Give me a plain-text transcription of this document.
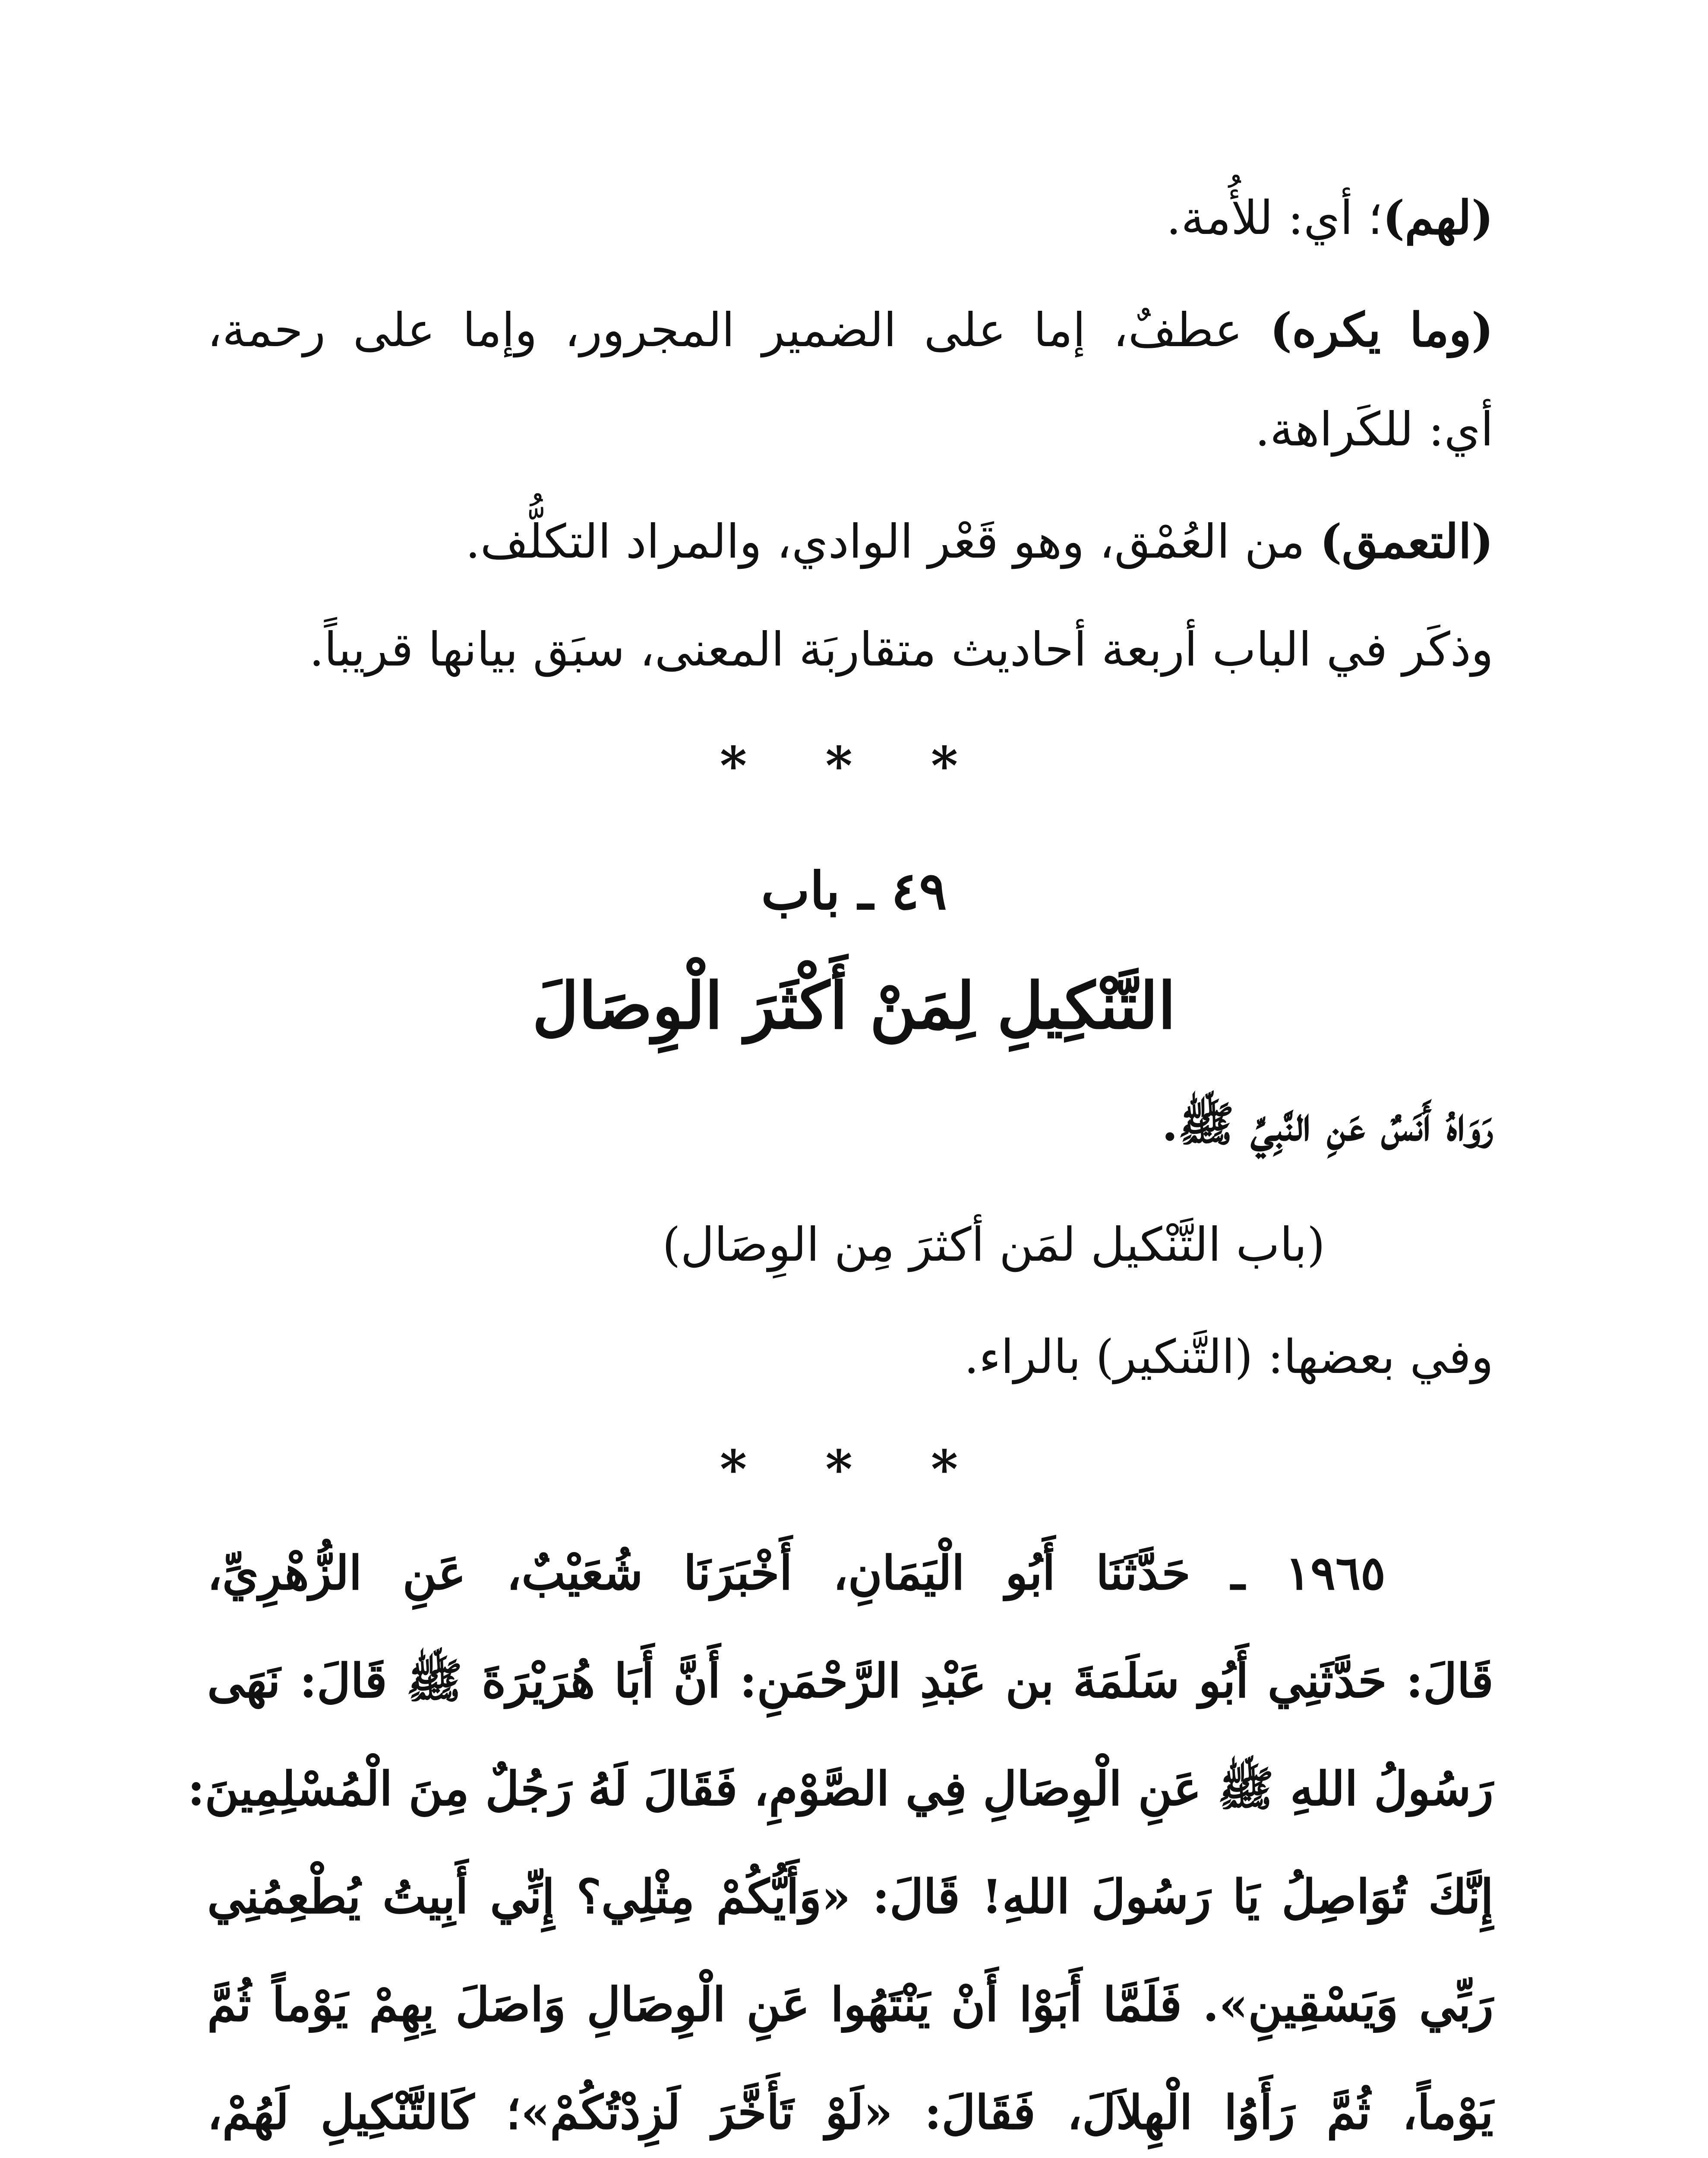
(لهم)؛ أي: للأُمة.
(وما يكره) عطفٌ، إما على الضمير المجرور، وإما على رحمة،
أي: للكَراهة.
(التعمق) من العُمْق، وهو قَعْر الوادي، والمراد التكلُّف.
وذكَر في الباب أربعة أحاديث متقاربَة المعنى، سبَق بيانها قريباً.
* * *
٤٩ ـ باب
التَّنْكِيلِ لِمَنْ أَكْثَرَ الْوِصَالَ
رَوَاهُ أَنَسٌ عَنِ النَّبِيِّ ﷺ.
(باب التَّنْكيل لمَن أكثرَ مِن الوِصَال)
وفي بعضها: (التَّنكير) بالراء.
* * *
١٩٦٥ ـ حَدَّثَنَا أَبُو الْيَمَانِ، أَخْبَرَنَا شُعَيْبٌ، عَنِ الزُّهْرِيِّ،
قَالَ: حَدَّثَنِي أَبُو سَلَمَةَ بن عَبْدِ الرَّحْمَنِ: أَنَّ أَبَا هُرَيْرَةَ ﷺ قَالَ: نَهَى
رَسُولُ اللهِ ﷺ عَنِ الْوِصَالِ فِي الصَّوْمِ، فَقَالَ لَهُ رَجُلٌ مِنَ الْمُسْلِمِينَ:
إِنَّكَ تُوَاصِلُ يَا رَسُولَ اللهِ! قَالَ: «وَأَيُّكُمْ مِثْلِي؟ إِنِّي أَبِيتُ يُطْعِمُنِي
رَبِّي وَيَسْقِينِ». فَلَمَّا أَبَوْا أَنْ يَنْتَهُوا عَنِ الْوِصَالِ وَاصَلَ بِهِمْ يَوْماً ثُمَّ
يَوْماً، ثُمَّ رَأَوُا الْهِلاَلَ، فَقَالَ: «لَوْ تَأَخَّرَ لَزِدْتُكُمْ»؛ كَالتَّنْكِيلِ لَهُمْ،
